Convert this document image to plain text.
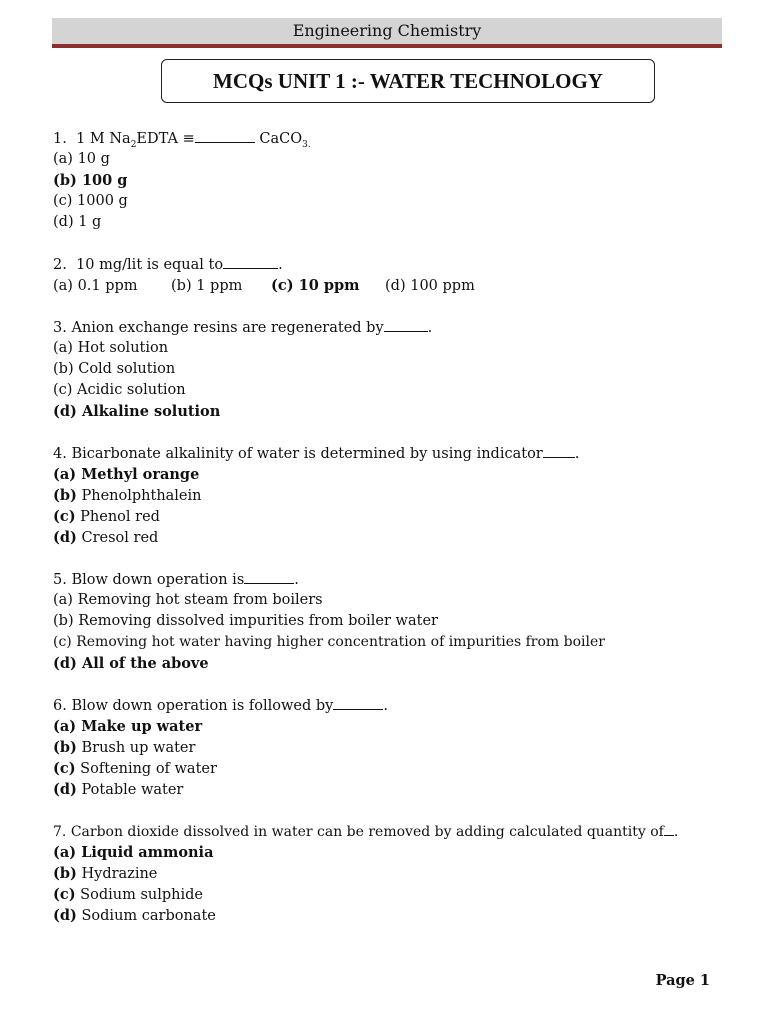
Engineering Chemistry
MCQs UNIT 1 :- WATER TECHNOLOGY
1. 1 M $Na_2EDTA$ ≡	CaCO$_{3.}$
(a) 10 g
(b) 100 g
(c) 1000 g
(d) 1 g
2. 10 mg/lit is equal to	.
(a) 0.1 ppm (b) 1 ppm (c) 10 ppm (d) 100 ppm
3. Anion exchange resins are regenerated by	.
(a) Hot solution
(b) Cold solution
(c) Acidic solution
(d) Alkaline solution
4. Bicarbonate alkalinity of water is determined by using indicator .
(a) Methyl orange
(b) Phenolphthalein
(c) Phenol red
(d) Cresol red
5. Blow down operation is	.
(a) Removing hot steam from boilers
(b) Removing dissolved impurities from boiler water
(c) Removing hot water having higher concentration of impurities from boiler
(d) All of the above
6. Blow down operation is followed by	.
(a) Make up water
(b) Brush up water
(c) Softening of water
(d) Potable water
7. Carbon dioxide dissolved in water can be removed by adding calculated quantity of .
(a) Liquid ammonia
(b) Hydrazine
(c) Sodium sulphide
(d) Sodium carbonate
Page 1
